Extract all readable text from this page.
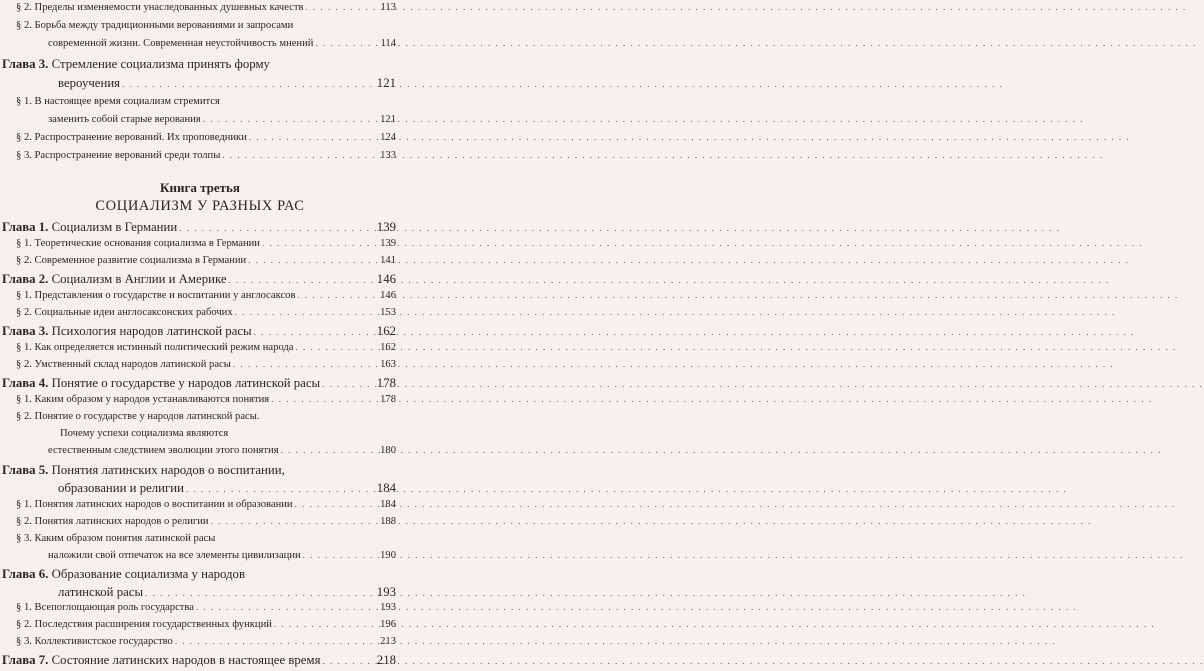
§ 2. Пределы изменяемости унаследованных душевных качеств . . .	113
§ 2. Борьба между традиционными верованиями и запросами
современной жизни. Современная неустойчивость мнений . . .	114
Глава 3. Стремление социализма принять форму
вероучения . . .	121
§ 1. В настоящее время социализм стремится
заменить собой старые верования . . .	121
§ 2. Распространение верований. Их проповедники . . .	124
§ 3. Распространение верований среди толпы . . .	133
Книга третья
СОЦИАЛИЗМ У РАЗНЫХ РАС
Глава 1. Социализм в Германии . . .	139
§ 1. Теоретические основания социализма в Германии . . .	139
§ 2. Современное развитие социализма в Германии . . .	141
Глава 2. Социализм в Англии и Америке . . .	146
§ 1. Представления о государстве и воспитании у англосаксов . . .	146
§ 2. Социальные идеи англосаксонских рабочих . . .	153
Глава 3. Психология народов латинской расы . . .	162
§ 1. Как определяется истинный политический режим народа . . .	162
§ 2. Умственный склад народов латинской расы . . .	163
Глава 4. Понятие о государстве у народов латинской расы . . .	178
§ 1. Каким образом у народов устанавливаются понятия . . .	178
§ 2. Понятие о государстве у народов латинской расы.
Почему успехи социализма являются
естественным следствием эволюции этого понятия . . .	180
Глава 5. Понятия латинских народов о воспитании,
образовании и религии . . .	184
§ 1. Понятия латинских народов о воспитании и образовании . . .	184
§ 2. Понятия латинских народов о религии . . .	188
§ 3. Каким образом понятия латинской расы
наложили свой отпечаток на все элементы цивилизации . . .	190
Глава 6. Образование социализма у народов
латинской расы . . .	193
§ 1. Всепоглощающая роль государства . . .	193
§ 2. Последствия расширения государственных функций . . .	196
§ 3. Коллективистское государство . . .	213
Глава 7. Состояние латинских народов в настоящее время . . .	218
